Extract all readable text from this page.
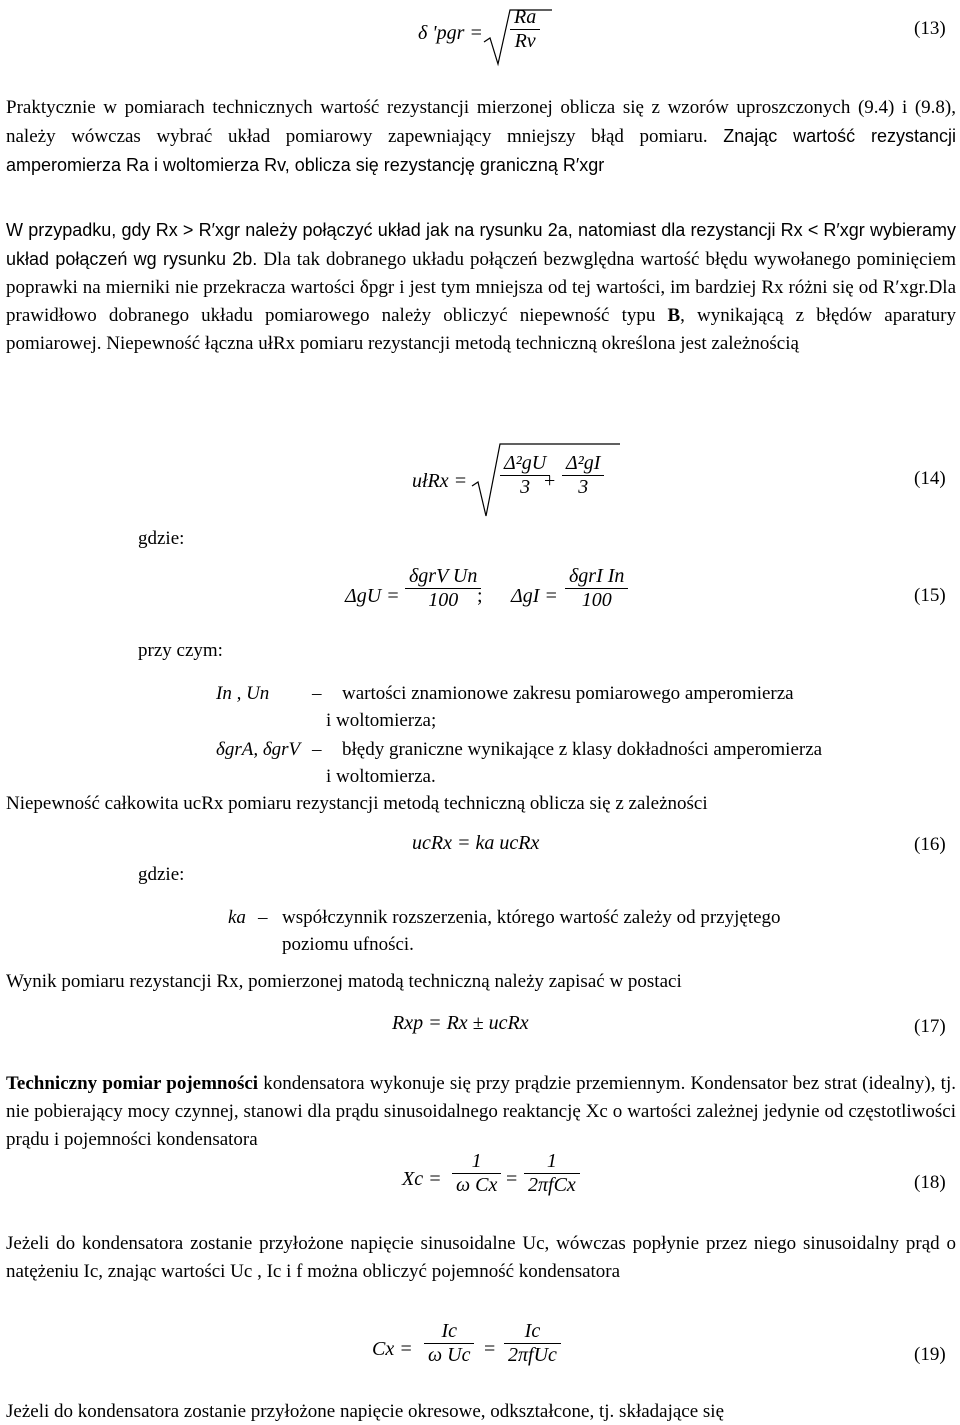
δ 'pgr = $\frac{Ra}{Rv}$	(13)
Praktycznie w pomiarach technicznych wartość rezystancji mierzonej oblicza się z wzorów uproszczonych (9.4) i (9.8), należy wówczas wybrać układ pomiarowy zapewniający mniejszy błąd pomiaru. Znając wartość rezystancji amperomierza Ra i woltomierza Rv, oblicza się rezystancję graniczną R′xgr
W przypadku, gdy Rx > R′xgr należy połączyć układ jak na rysunku 2a, natomiast dla rezystancji Rx < R′xgr wybieramy układ połączeń wg rysunku 2b. Dla tak dobranego układu połączeń bezwględna wartość błędu wywołanego pominięciem poprawki na mierniki nie przekracza wartości δpgr i jest tym mniejsza od tej wartości, im bardziej Rx różni się od R′xgr.Dla prawidłowo dobranego układu pomiarowego należy obliczyć niepewność typu B, wynikającą z błędów aparatury pomiarowej. Niepewność łączna ułRx pomiaru rezystancji metodą techniczną określona jest zależnością
ułRx = $\frac{\text{Δ²gU}}{3}$
+ $\frac{\text{Δ²gI}}{3}$	(14)
gdzie:
ΔgU =
δgrV Un
100 ; ΔgI =
δgrI In
100	(15)
przy czym:
In , Un – wartości znamionowe zakresu pomiarowego amperomierza
i woltomierza;
δgrA, δgrV – błędy graniczne wynikające z klasy dokładności amperomierza
i woltomierza.
Niepewność całkowita ucRx pomiaru rezystancji metodą techniczną oblicza się z zależności
ucRx = ka ucRx	(16)
gdzie:
ka – współczynnik rozszerzenia, którego wartość zależy od przyjętego
poziomu ufności.
Wynik pomiaru rezystancji Rx, pomierzonej matodą techniczną należy zapisać w postaci
Rxp = Rx ± ucRx	(17)
Techniczny pomiar pojemności kondensatora wykonuje się przy prądzie przemiennym. Kondensator bez strat (idealny), tj. nie pobierający mocy czynnej, stanowi dla prądu sinusoidalnego reaktancję Xc o wartości zależnej jedynie od częstotliwości prądu i pojemności kondensatora
$Xc = \frac{1}{\text{ω Cx}}$ =
1
2πfCx	(18)
Jeżeli do kondensatora zostanie przyłożone napięcie sinusoidalne Uc, wówczas popłynie przez niego sinusoidalny prąd o natężeniu Ic, znając wartości Uc , Ic i f można obliczyć pojemność kondensatora
$Cx = \frac{Ic}{\text{ω Uc}}$ =
Ic
2πfUc	(19)
Jeżeli do kondensatora zostanie przyłożone napięcie okresowe, odkształcone, tj. składające się
